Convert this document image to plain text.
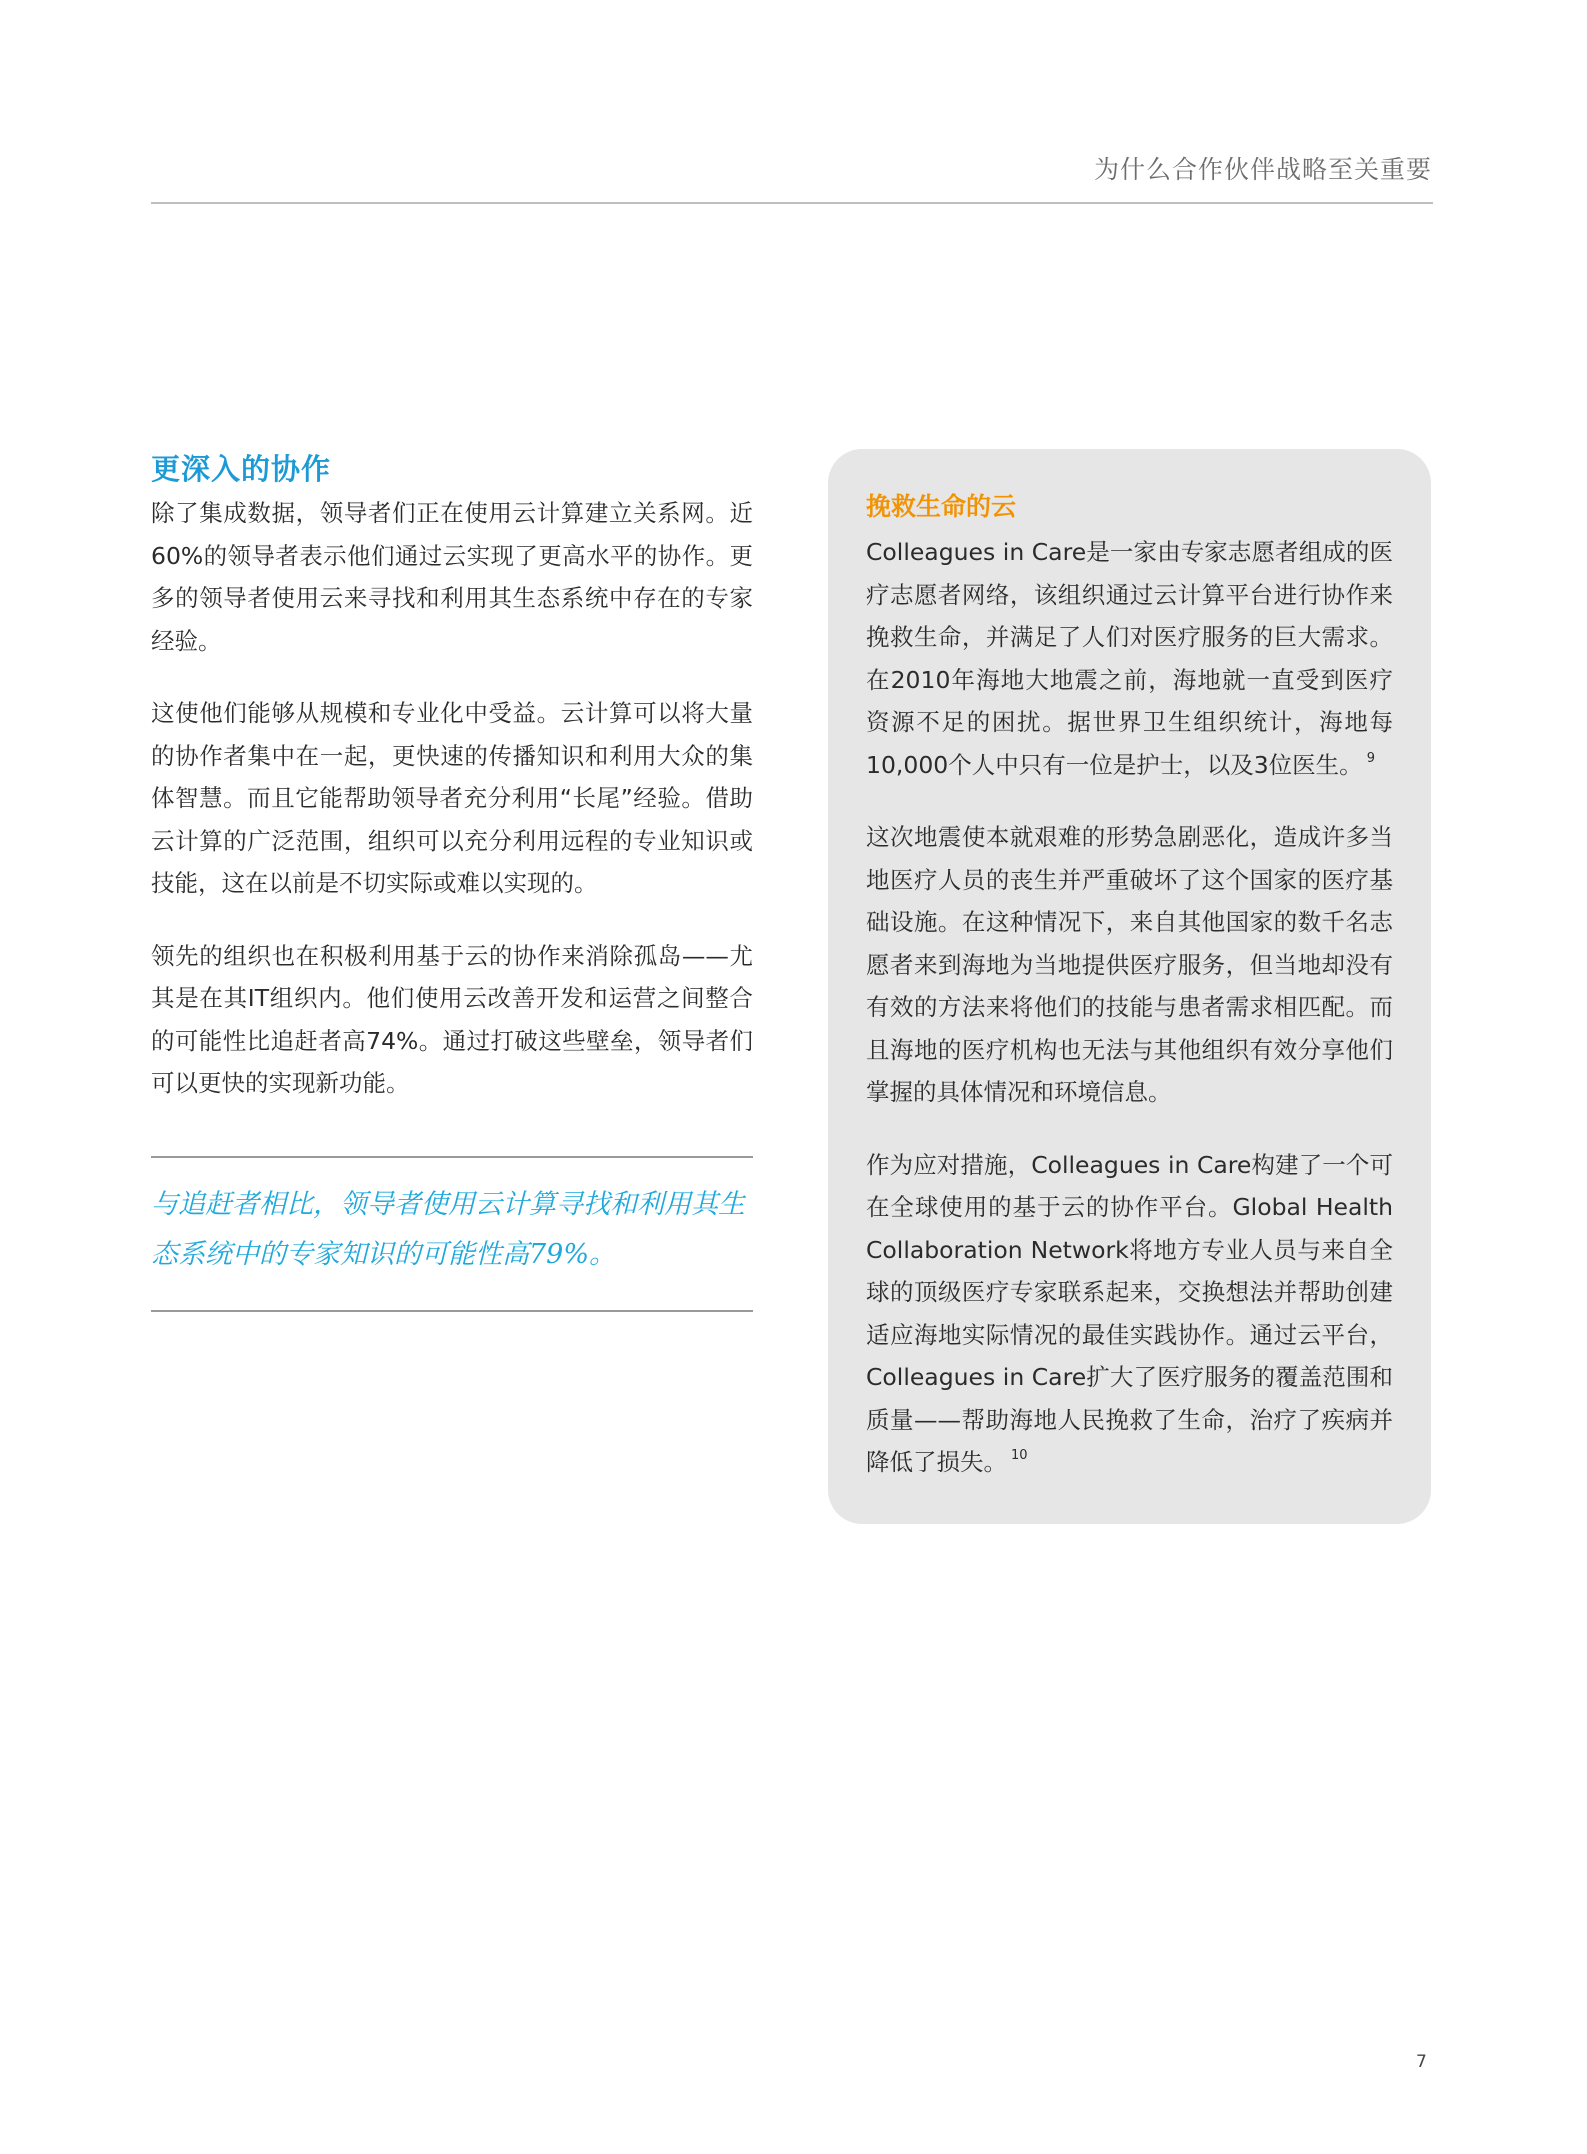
为什么合作伙伴战略至关重要
更深入的协作

除了集成数据，领导者们正在使用云计算建立关系网。近60%的领导者表示他们通过云实现了更高水平的协作。更多的领导者使用云来寻找和利用其生态系统中存在的专家经验。

这使他们能够从规模和专业化中受益。云计算可以将大量的协作者集中在一起，更快速的传播知识和利用大众的集体智慧。而且它能帮助领导者充分利用“长尾”经验。借助云计算的广泛范围，组织可以充分利用远程的专业知识或技能，这在以前是不切实际或难以实现的。

领先的组织也在积极利用基于云的协作来消除孤岛——尤其是在其IT组织内。他们使用云改善开发和运营之间整合的可能性比追赶者高74%。通过打破这些壁垒，领导者们可以更快的实现新功能。

与追赶者相比，领导者使用云计算寻找和利用其生态系统中的专家知识的可能性高79%。
挽救生命的云

Colleagues in Care是一家由专家志愿者组成的医疗志愿者网络，该组织通过云计算平台进行协作来挽救生命，并满足了人们对医疗服务的巨大需求。在2010年海地大地震之前，海地就一直受到医疗资源不足的困扰。据世界卫生组织统计，海地每10,000个人中只有一位是护士，以及3位医生。 $^9$

这次地震使本就艰难的形势急剧恶化，造成许多当地医疗人员的丧生并严重破坏了这个国家的医疗基础设施。在这种情况下，来自其他国家的数千名志愿者来到海地为当地提供医疗服务，但当地却没有有效的方法来将他们的技能与患者需求相匹配。而且海地的医疗机构也无法与其他组织有效分享他们掌握的具体情况和环境信息。

作为应对措施，Colleagues in Care构建了一个可在全球使用的基于云的协作平台。Global Health Collaboration Network将地方专业人员与来自全球的顶级医疗专家联系起来，交换想法并帮助创建适应海地实际情况的最佳实践协作。通过云平台，Colleagues in Care扩大了医疗服务的覆盖范围和质量——帮助海地人民挽救了生命，治疗了疾病并降低了损失。 $^{10}$

7
